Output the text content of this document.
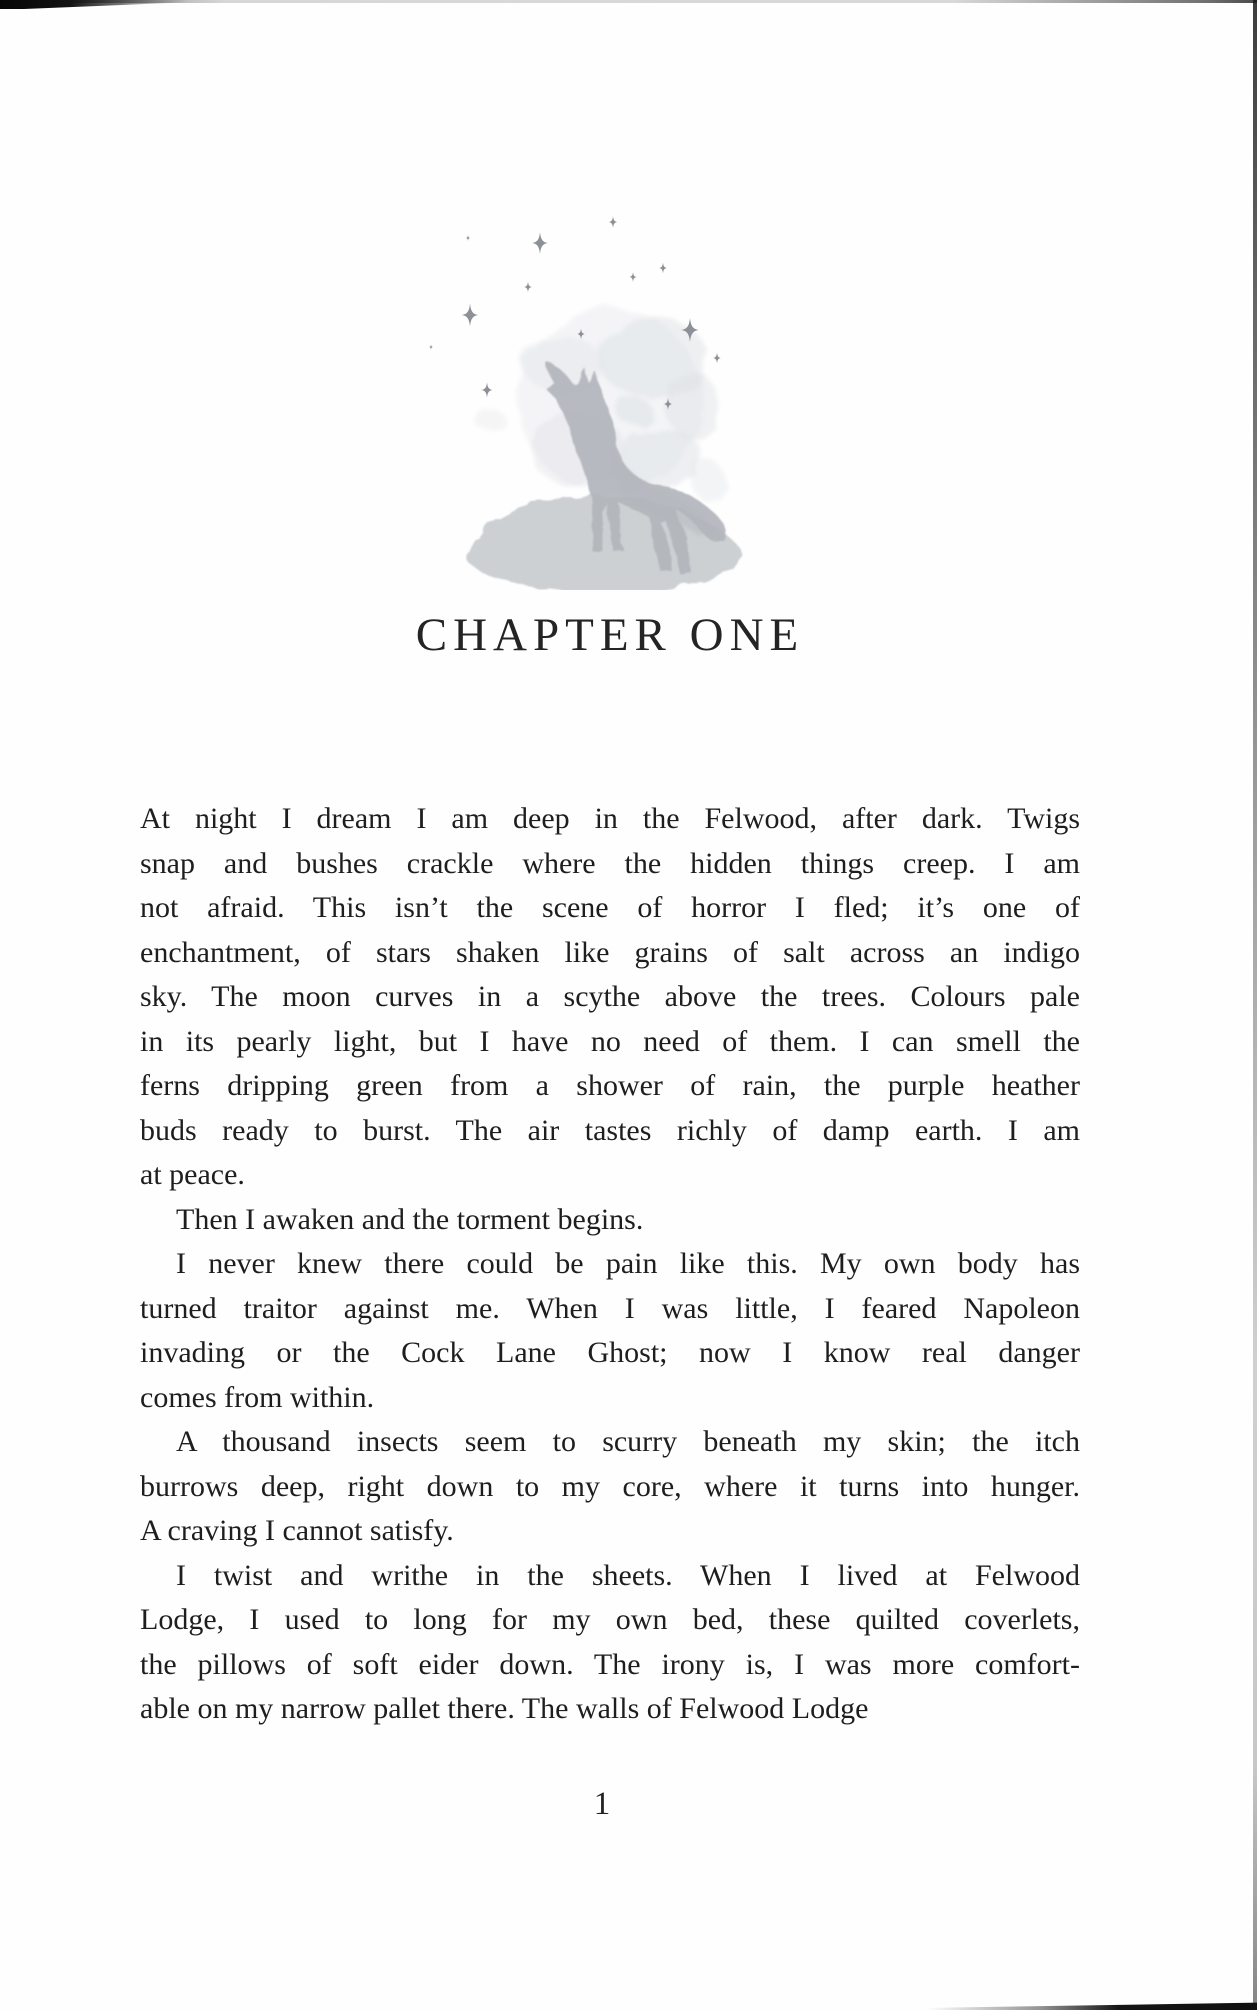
CHAPTER ONE
At night I dream I am deep in the Felwood, after dark. Twigs
snap and bushes crackle where the hidden things creep. I am
not afraid. This isn’t the scene of horror I fled; it’s one of
enchantment, of stars shaken like grains of salt across an indigo
sky. The moon curves in a scythe above the trees. Colours pale
in its pearly light, but I have no need of them. I can smell the
ferns dripping green from a shower of rain, the purple heather
buds ready to burst. The air tastes richly of damp earth. I am
at peace.
Then I awaken and the torment begins.
I never knew there could be pain like this. My own body has
turned traitor against me. When I was little, I feared Napoleon
invading or the Cock Lane Ghost; now I know real danger
comes from within.
A thousand insects seem to scurry beneath my skin; the itch
burrows deep, right down to my core, where it turns into hunger.
A craving I cannot satisfy.
I twist and writhe in the sheets. When I lived at Felwood
Lodge, I used to long for my own bed, these quilted coverlets,
the pillows of soft eider down. The irony is, I was more comfort-
able on my narrow pallet there. The walls of Felwood Lodge
1
